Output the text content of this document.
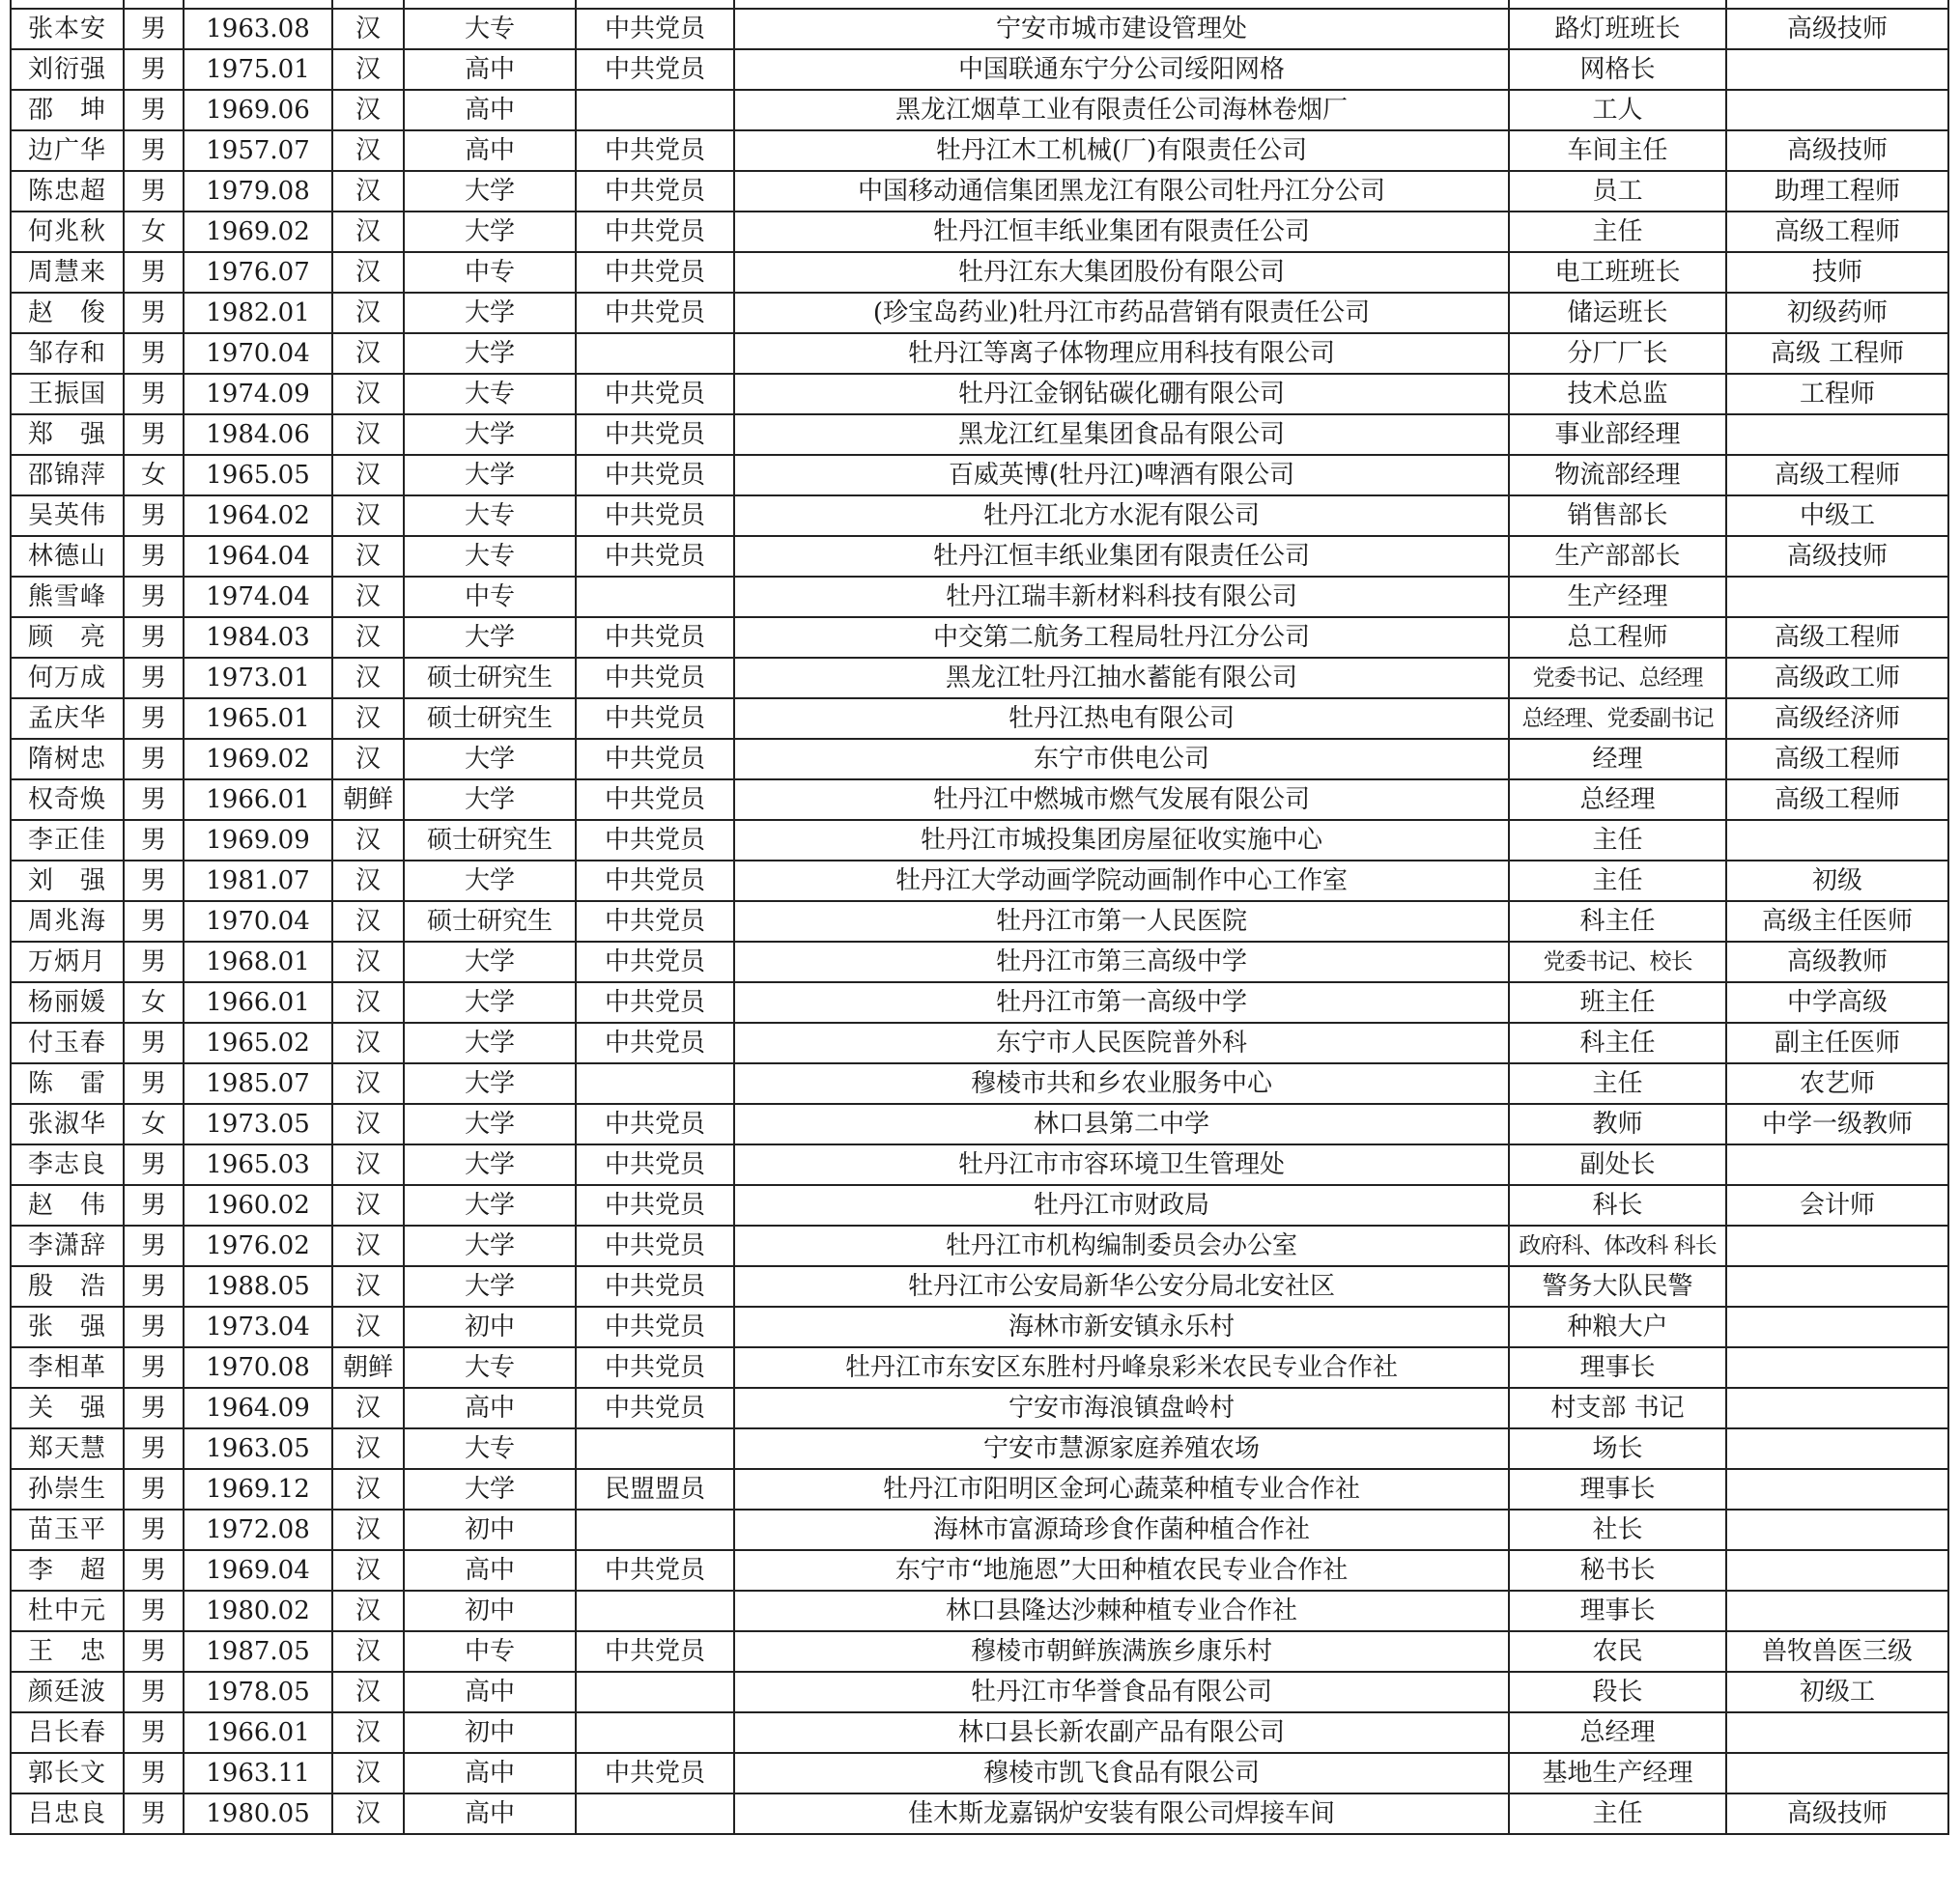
张本安	男	1963.08	汉	大专	中共党员	宁安市城市建设管理处	路灯班班长	高级技师
刘衍强	男	1975.01	汉	高中	中共党员	中国联通东宁分公司绥阳网格	网格长	
邵　坤	男	1969.06	汉	高中		黑龙江烟草工业有限责任公司海林卷烟厂	工人	
边广华	男	1957.07	汉	高中	中共党员	牡丹江木工机械(厂)有限责任公司	车间主任	高级技师
陈忠超	男	1979.08	汉	大学	中共党员	中国移动通信集团黑龙江有限公司牡丹江分公司	员工	助理工程师
何兆秋	女	1969.02	汉	大学	中共党员	牡丹江恒丰纸业集团有限责任公司	主任	高级工程师
周慧来	男	1976.07	汉	中专	中共党员	牡丹江东大集团股份有限公司	电工班班长	技师
赵　俊	男	1982.01	汉	大学	中共党员	(珍宝岛药业)牡丹江市药品营销有限责任公司	储运班长	初级药师
邹存和	男	1970.04	汉	大学		牡丹江等离子体物理应用科技有限公司	分厂厂长	高级 工程师
王振国	男	1974.09	汉	大专	中共党员	牡丹江金钢钻碳化硼有限公司	技术总监	工程师
郑　强	男	1984.06	汉	大学	中共党员	黑龙江红星集团食品有限公司	事业部经理	
邵锦萍	女	1965.05	汉	大学	中共党员	百威英博(牡丹江)啤酒有限公司	物流部经理	高级工程师
吴英伟	男	1964.02	汉	大专	中共党员	牡丹江北方水泥有限公司	销售部长	中级工
林德山	男	1964.04	汉	大专	中共党员	牡丹江恒丰纸业集团有限责任公司	生产部部长	高级技师
熊雪峰	男	1974.04	汉	中专		牡丹江瑞丰新材料科技有限公司	生产经理	
顾　亮	男	1984.03	汉	大学	中共党员	中交第二航务工程局牡丹江分公司	总工程师	高级工程师
何万成	男	1973.01	汉	硕士研究生	中共党员	黑龙江牡丹江抽水蓄能有限公司	党委书记、总经理	高级政工师
孟庆华	男	1965.01	汉	硕士研究生	中共党员	牡丹江热电有限公司	总经理、党委副书记	高级经济师
隋树忠	男	1969.02	汉	大学	中共党员	东宁市供电公司	经理	高级工程师
权奇焕	男	1966.01	朝鲜	大学	中共党员	牡丹江中燃城市燃气发展有限公司	总经理	高级工程师
李正佳	男	1969.09	汉	硕士研究生	中共党员	牡丹江市城投集团房屋征收实施中心	主任	
刘　强	男	1981.07	汉	大学	中共党员	牡丹江大学动画学院动画制作中心工作室	主任	初级
周兆海	男	1970.04	汉	硕士研究生	中共党员	牡丹江市第一人民医院	科主任	高级主任医师
万炳月	男	1968.01	汉	大学	中共党员	牡丹江市第三高级中学	党委书记、校长	高级教师
杨丽媛	女	1966.01	汉	大学	中共党员	牡丹江市第一高级中学	班主任	中学高级
付玉春	男	1965.02	汉	大学	中共党员	东宁市人民医院普外科	科主任	副主任医师
陈　雷	男	1985.07	汉	大学		穆棱市共和乡农业服务中心	主任	农艺师
张淑华	女	1973.05	汉	大学	中共党员	林口县第二中学	教师	中学一级教师
李志良	男	1965.03	汉	大学	中共党员	牡丹江市市容环境卫生管理处	副处长	
赵　伟	男	1960.02	汉	大学	中共党员	牡丹江市财政局	科长	会计师
李潇辞	男	1976.02	汉	大学	中共党员	牡丹江市机构编制委员会办公室	政府科、体改科 科长	
殷　浩	男	1988.05	汉	大学	中共党员	牡丹江市公安局新华公安分局北安社区	警务大队民警	
张　强	男	1973.04	汉	初中	中共党员	海林市新安镇永乐村	种粮大户	
李相革	男	1970.08	朝鲜	大专	中共党员	牡丹江市东安区东胜村丹峰泉彩米农民专业合作社	理事长	
关　强	男	1964.09	汉	高中	中共党员	宁安市海浪镇盘岭村	村支部 书记	
郑天慧	男	1963.05	汉	大专		宁安市慧源家庭养殖农场	场长	
孙崇生	男	1969.12	汉	大学	民盟盟员	牡丹江市阳明区金珂心蔬菜种植专业合作社	理事长	
苗玉平	男	1972.08	汉	初中		海林市富源琦珍食作菌种植合作社	社长	
李　超	男	1969.04	汉	高中	中共党员	东宁市“地施恩”大田种植农民专业合作社	秘书长	
杜中元	男	1980.02	汉	初中		林口县隆达沙棘种植专业合作社	理事长	
王　忠	男	1987.05	汉	中专	中共党员	穆棱市朝鲜族满族乡康乐村	农民	兽牧兽医三级
颜廷波	男	1978.05	汉	高中		牡丹江市华誉食品有限公司	段长	初级工
吕长春	男	1966.01	汉	初中		林口县长新农副产品有限公司	总经理	
郭长文	男	1963.11	汉	高中	中共党员	穆棱市凯飞食品有限公司	基地生产经理	
吕忠良	男	1980.05	汉	高中		佳木斯龙嘉锅炉安装有限公司焊接车间	主任	高级技师
